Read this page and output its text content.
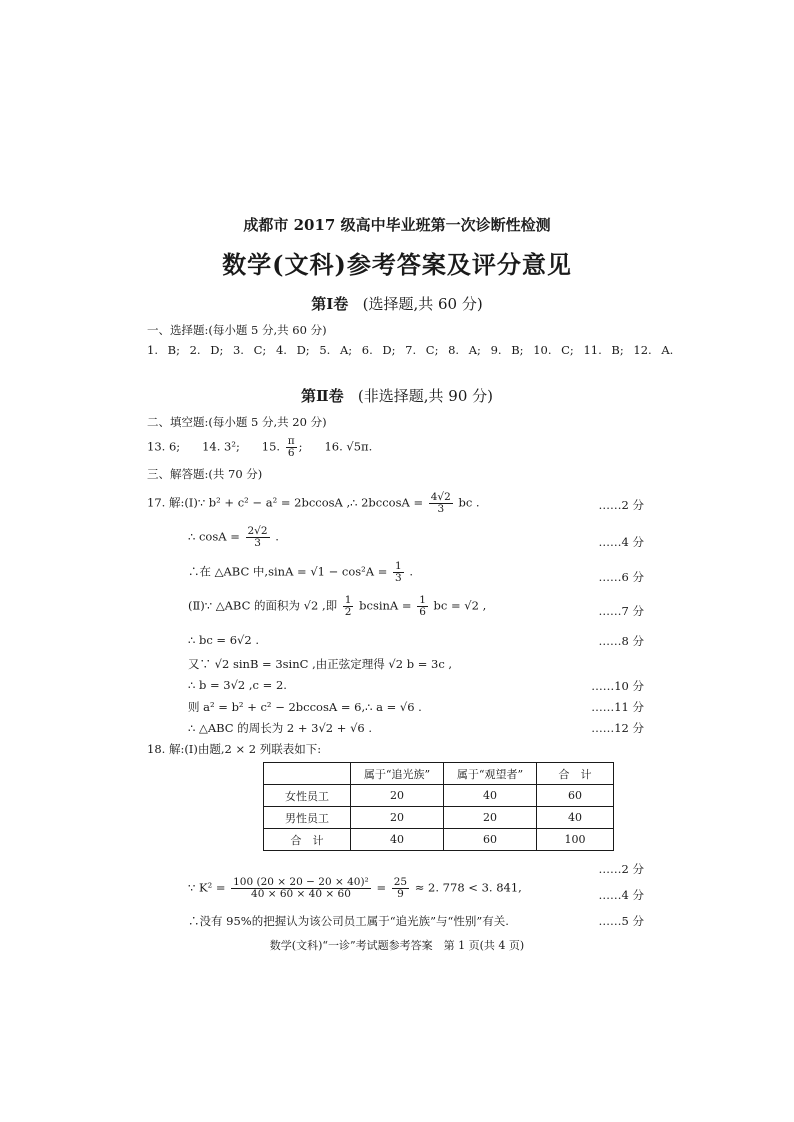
成都市 2017 级高中毕业班第一次诊断性检测
数学(文科)参考答案及评分意见
第Ⅰ卷 (选择题,共 60 分)
一、选择题:(每小题 5 分,共 60 分)
1. B; 2. D; 3. C; 4. D; 5. A; 6. D; 7. C; 8. A; 9. B; 10. C; 11. B; 12. A.
第Ⅱ卷 (非选择题,共 90 分)
二、填空题:(每小题 5 分,共 20 分)
13. 6; 14. 3²; 15. $\frac{\pi}{6}$ ; 16. √5π.
三、解答题:(共 70 分)
17. 解:(Ⅰ)∵ b² + c² − a² = 2bccosA ,∴ $2bccosA = \frac{4√2}{3}$ bc .	……2 分
∴ $\cos A = \frac{2√2}{3}$ .	……4 分
∴在 △ABC 中$,\sin A = √1 - \cos^2A = \frac{1}{3}$ .	……6 分
(Ⅱ)∵ △ABC 的面积为 √2 ,即 $\frac{1}{2}$ $bcsinA = \frac{1}{6}$ bc = √2 ,	……7 分
∴ bc = 6√2 .	……8 分
又∵ √2 sinB = 3sinC ,由正弦定理得 √2 b = 3c ,
∴ b = 3√2 ,c = 2.	……10 分
则 a² = b² + c² − 2bccosA = 6,∴ a = √6 .	……11 分
∴ △ABC 的周长为 2 + 3√2 + √6 .	……12 分
18. 解:(Ⅰ)由题,2 × 2 列联表如下:
	属于“追光族”	属于“观望者”	合　计
女性员工	20	40	60
男性员工	20	20	40
合　计	40	60	100
……2 分
∵ $K^2 = \frac{\text{100 (20 × 20 − 20 × 40)²}}{40 \times 60 \times 40 \times 60} = \frac{25}{9} \approx 2$. 778 < 3. 841,
……4 分
∴没有 95%的把握认为该公司员工属于“追光族”与“性别”有关.	……5 分
数学(文科)“一诊”考试题参考答案　第 1 页(共 4 页)
